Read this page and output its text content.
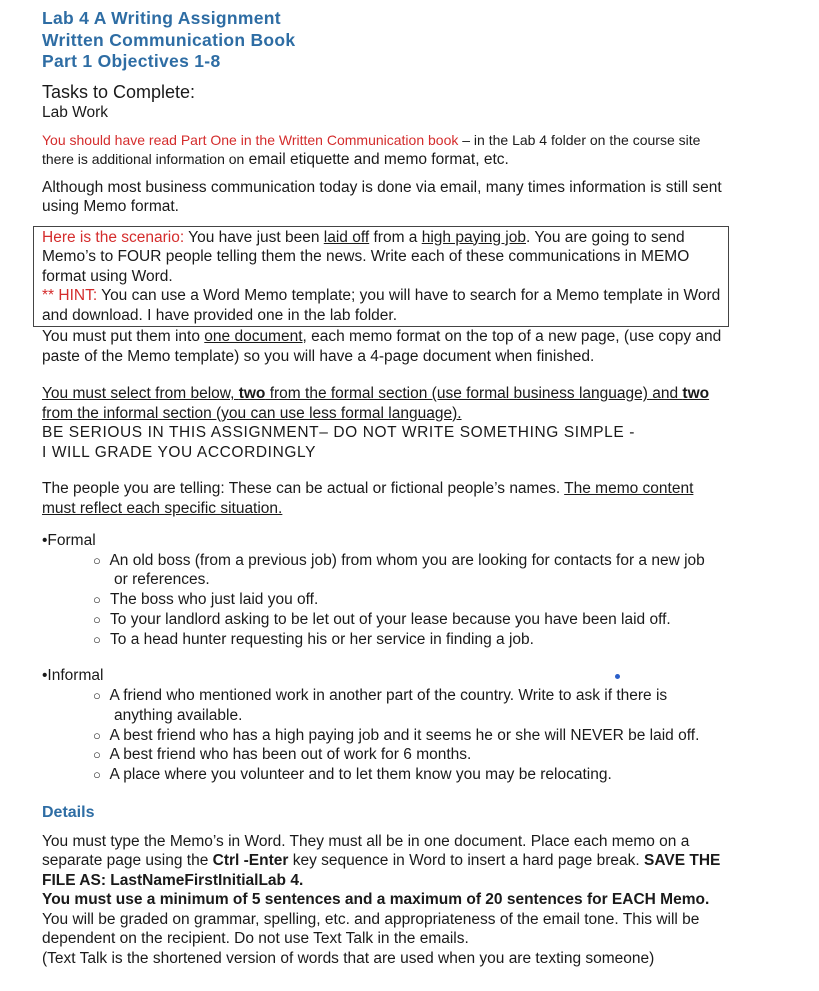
Lab 4 A Writing Assignment
Written Communication Book
Part 1 Objectives 1-8
Tasks to Complete:
Lab Work
You should have read Part One in the Written Communication book – in the Lab 4 folder on the course site there is additional information on email etiquette and memo format, etc.
Although most business communication today is done via email, many times information is still sent using Memo format.
Here is the scenario: You have just been laid off from a high paying job. You are going to send Memo’s to FOUR people telling them the news. Write each of these communications in MEMO format using Word.
** HINT: You can use a Word Memo template; you will have to search for a Memo template in Word and download. I have provided one in the lab folder.
You must put them into one document, each memo format on the top of a new page, (use copy and paste of the Memo template) so you will have a 4-page document when finished.
You must select from below, two from the formal section (use formal business language) and two from the informal section (you can use less formal language).
BE SERIOUS IN THIS ASSIGNMENT– DO NOT WRITE SOMETHING SIMPLE -
I WILL GRADE YOU ACCORDINGLY
The people you are telling: These can be actual or fictional people’s names. The memo content must reflect each specific situation.
•Formal
○ An old boss (from a previous job) from whom you are looking for contacts for a new job or references.
○ The boss who just laid you off.
○ To your landlord asking to be let out of your lease because you have been laid off.
○ To a head hunter requesting his or her service in finding a job.
•Informal
○ A friend who mentioned work in another part of the country. Write to ask if there is anything available.
○ A best friend who has a high paying job and it seems he or she will NEVER be laid off.
○ A best friend who has been out of work for 6 months.
○ A place where you volunteer and to let them know you may be relocating.
Details
You must type the Memo’s in Word. They must all be in one document. Place each memo on a separate page using the Ctrl -Enter key sequence in Word to insert a hard page break. SAVE THE FILE AS: LastNameFirstInitialLab 4.
You must use a minimum of 5 sentences and a maximum of 20 sentences for EACH Memo.
You will be graded on grammar, spelling, etc. and appropriateness of the email tone. This will be dependent on the recipient. Do not use Text Talk in the emails.
(Text Talk is the shortened version of words that are used when you are texting someone)
